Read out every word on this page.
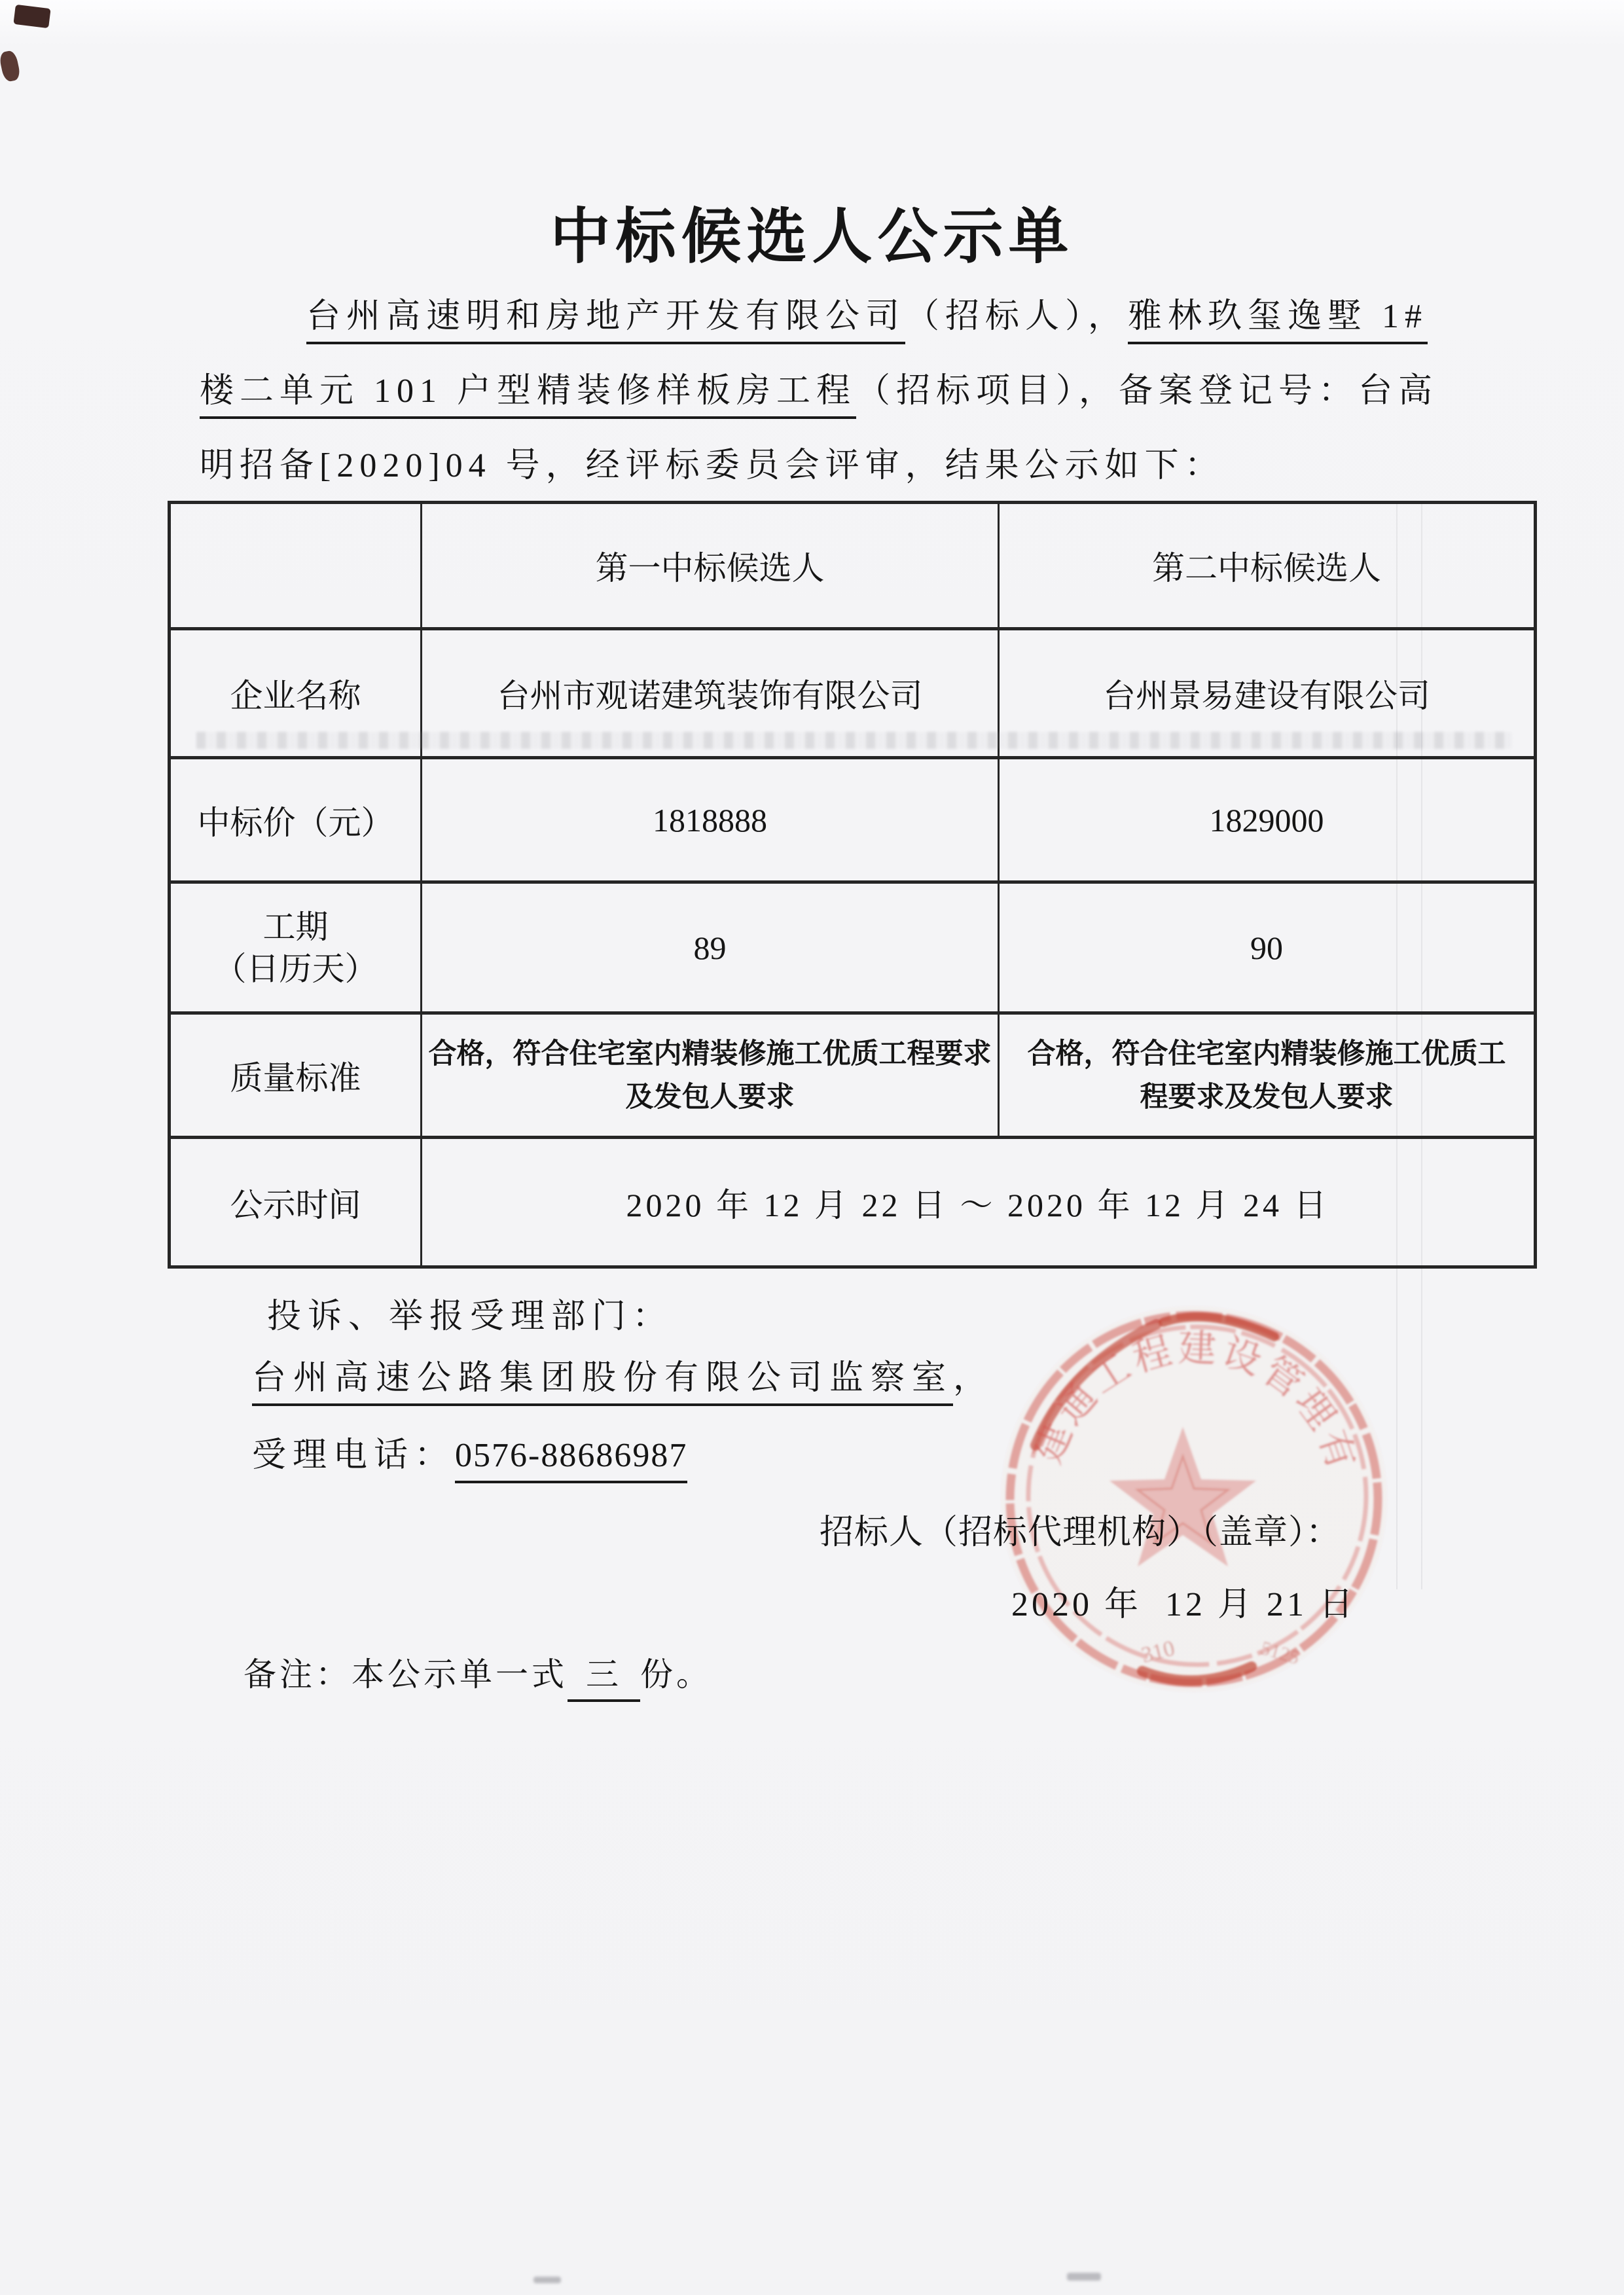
中标候选人公示单
台州高速明和房地产开发有限公司（招标人），雅林玖玺逸墅 1#
楼二单元 101 户型精装修样板房工程（招标项目），备案登记号：台高
明招备[2020]04 号，经评标委员会评审，结果公示如下：
	第一中标候选人	第二中标候选人
企业名称	台州市观诺建筑装饰有限公司	台州景易建设有限公司
中标价（元）	1818888	1829000

工期
（日历天）	89	90
质量标准	合格，符合住宅室内精装修施工优质工程要求及发包人要求	合格，符合住宅室内精装修施工优质工程要求及发包人要求
公示时间	2020 年 12 月 22 日 ～ 2020 年 12 月 24 日	
投诉、举报受理部门：
台州高速公路集团股份有限公司监察室，
受理电话：0576-88686987
招标人（招标代理机构）（盖章）：
2020 年  12 月 21 日
备注：本公示单一式 三 份。
建通工程建设管理有
310	5125
